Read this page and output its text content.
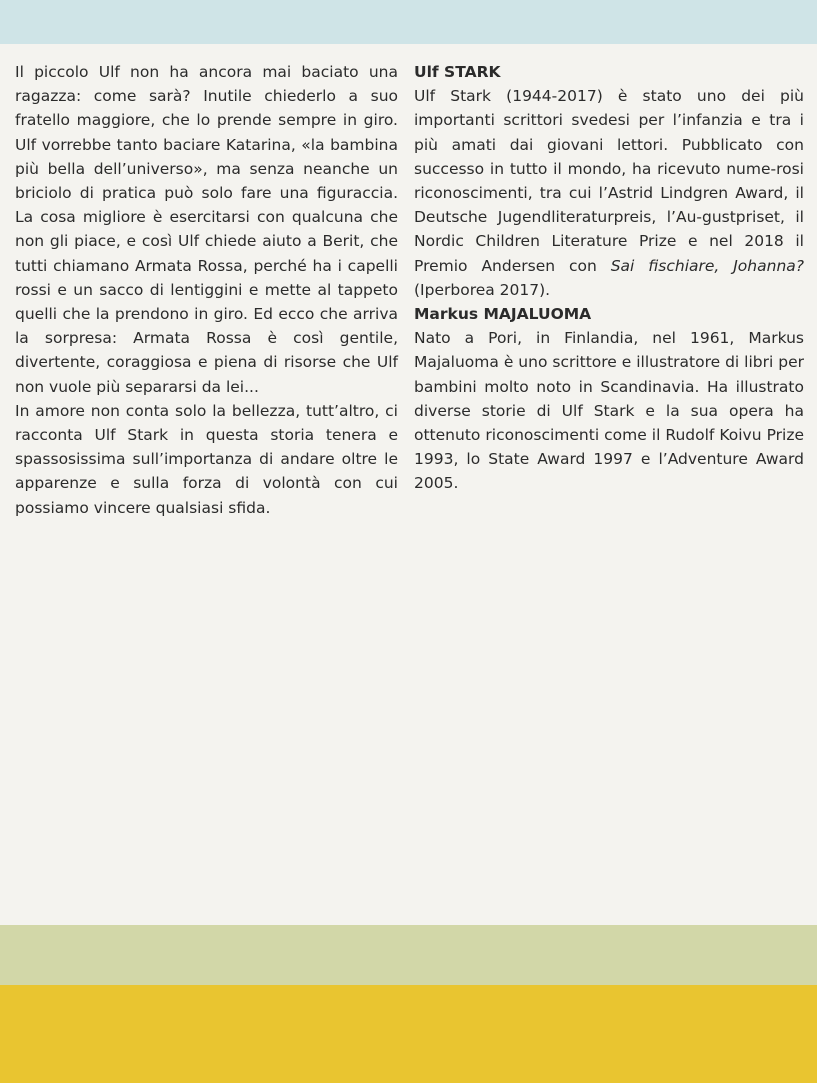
Il piccolo Ulf non ha ancora mai baciato una ragazza: come sarà? Inutile chiederlo a suo fratello maggiore, che lo prende sempre in giro. Ulf vorrebbe tanto baciare Katarina, «la bambina più bella dell’universo», ma senza neanche un briciolo di pratica può solo fare una figuraccia. La cosa migliore è esercitarsi con qualcuna che non gli piace, e così Ulf chiede aiuto a Berit, che tutti chiamano Armata Rossa, perché ha i capelli rossi e un sacco di lentiggini e mette al tappeto quelli che la prendono in giro. Ed ecco che arriva la sorpresa: Armata Rossa è così gentile, divertente, coraggiosa e piena di risorse che Ulf non vuole più separarsi da lei...

In amore non conta solo la bellezza, tutt’altro, ci racconta Ulf Stark in questa storia tenera e spassosissima sull’importanza di andare oltre le apparenze e sulla forza di volontà con cui possiamo vincere qualsiasi sfida.

Ulf STARK

Ulf Stark (1944-2017) è stato uno dei più importanti scrittori svedesi per l’infanzia e tra i più amati dai giovani lettori. Pubblicato con successo in tutto il mondo, ha ricevuto nume-rosi riconoscimenti, tra cui l’Astrid Lindgren Award, il Deutsche Jugendliteraturpreis, l’Au-gustpriset, il Nordic Children Literature Prize e nel 2018 il Premio Andersen con Sai fischiare, Johanna? (Iperborea 2017).

Markus MAJALUOMA

Nato a Pori, in Finlandia, nel 1961, Markus Majaluoma è uno scrittore e illustratore di libri per bambini molto noto in Scandinavia. Ha illustrato diverse storie di Ulf Stark e la sua opera ha ottenuto riconoscimenti come il Rudolf Koivu Prize 1993, lo State Award 1997 e l’Adventure Award 2005.
